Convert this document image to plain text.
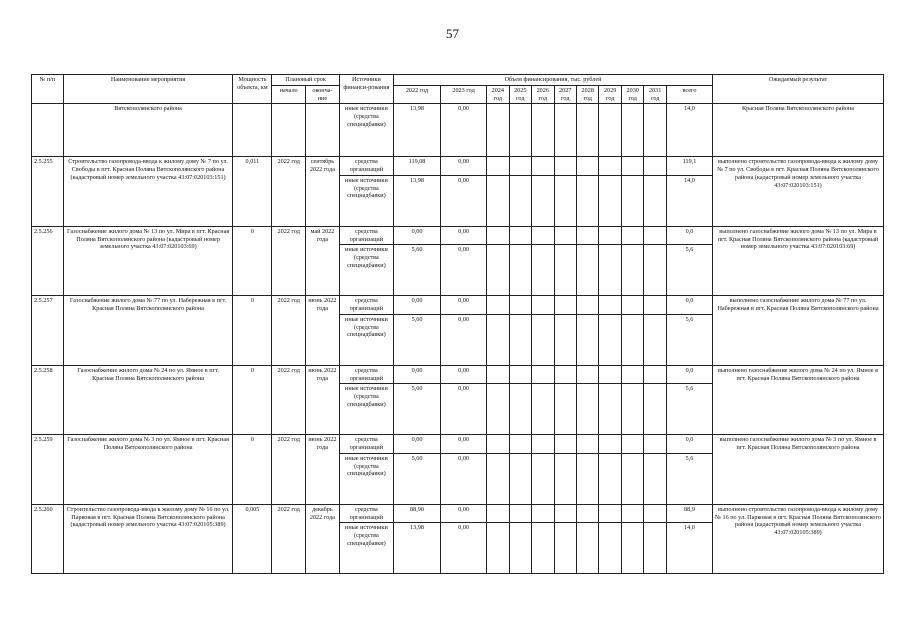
57
№ п/п	Наименование мероприятия	Мощность объекта, км	Плановый срок		Источники финанси-рования	Объем финансирования, тыс. рублей											Ожидаемый результат
			начало	оконча-ние		2022 год	2023 год	2024 год	2025 год	2026 год	2027 год	2028 год	2029 год	2030 год	2031 год	всего	

	Вятскополянского района				иные источники (средства спецнадбавки)	13,98	0,00									14,0	Красная Поляна Вятскополянского района
2.5.255	Строительство газопровода-ввода к жилому дому № 7 по ул. Свободы в пгт. Красная Поляна Вятскополянского района (кадастровый номер земельного участка 43:07:020103:151)	0,011	2022 год	сентябрь 2022 года	средства организаций	119,08	0,00									119,1	выполнено строительство газопровода-ввода к жилому дому № 7 по ул. Свободы в пгт. Красная Поляна Вятскополянского района (кадастровый номер земельного участка 43:07:020103:151)
					иные источники (средства спецнадбавки)	13,98	0,00									14,0	
2.5.256	Газоснабжение жилого дома № 13 по ул. Мира в пгт. Красная Поляна Вятскополянского района (кадастровый номер земельного участка 43:07:020103:69)	0	2022 год	май 2022 года	средства организаций	0,00	0,00									0,0	выполнено газоснабжение жилого дома № 13 по ул. Мира в пгт. Красная Поляна Вятскополянского района (кадастровый номер земельного участка 43:07:020103:69)
					иные источники (средства спецнадбавки)	5,60	0,00									5,6	
2.5.257	Газоснабжение жилого дома № 77 по ул. Набережная в пгт. Красная Поляна Вятскополянского района	0	2022 год	июнь 2022 года	средства организаций	0,00	0,00									0,0	выполнено газоснабжение жилого дома № 77 по ул. Набережная в пгт. Красная Поляна Вятскополянского района
					иные источники (средства спецнадбавки)	5,60	0,00									5,6	
2.5.258	Газоснабжение жилого дома № 24 по ул. Ямное в пгт. Красная Поляна Вятскополянского района	0	2022 год	июнь 2022 года	средства организаций	0,00	0,00									0,0	выполнено газоснабжение жилого дома № 24 по ул. Ямное в пгт. Красная Поляна Вятскополянского района
					иные источники (средства спецнадбавки)	5,60	0,00									5,6	
2.5.259	Газоснабжение жилого дома № 3 по ул. Ямное в пгт. Красная Поляна Вятскополянского района	0	2022 год	июнь 2022 года	средства организаций	0,00	0,00									0,0	выполнено газоснабжение жилого дома № 3 по ул. Ямное в пгт. Красная Поляна Вятскополянского района
					иные источники (средства спецнадбавки)	5,60	0,00									5,6	
2.5.260	Строительство газопровода-ввода к жилому дому № 16 по ул. Парковая в пгт. Красная Поляна Вятскополянского района (кадастровый номер земельного участка 43:07:020105:389)	0,005	2022 год	декабрь 2022 года	средства организаций	88,90	0,00									88,9	выполнено строительство газопровода-ввода к жилому дому № 16 по ул. Парковая в пгт. Красная Поляна Вятскополянского района (кадастровый номер земельного участка 43:07:020105:389)
					иные источники (средства спецнадбавки)	13,98	0,00									14,0	
